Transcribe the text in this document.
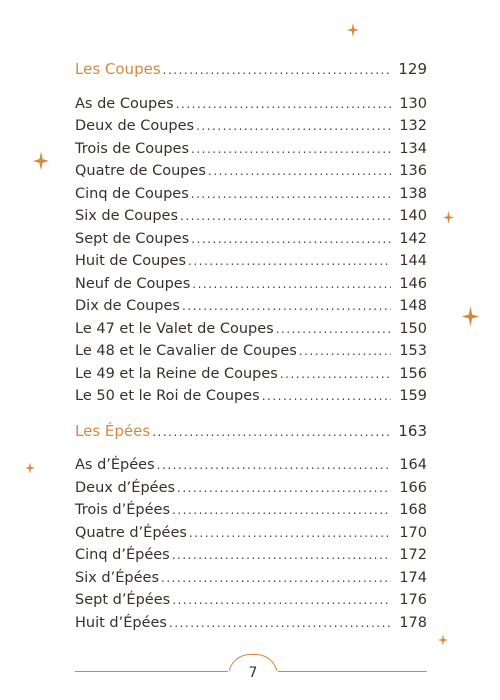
Les Coupes .....	129
As de Coupes .....	130
Deux de Coupes .....	132
Trois de Coupes .....	134
Quatre de Coupes .....	136
Cinq de Coupes .....	138
Six de Coupes .....	140
Sept de Coupes .....	142
Huit de Coupes .....	144
Neuf de Coupes .....	146
Dix de Coupes .....	148
Le 47 et le Valet de Coupes .....	150
Le 48 et le Cavalier de Coupes .....	153
Le 49 et la Reine de Coupes .....	156
Le 50 et le Roi de Coupes .....	159
Les Épées .....	163
As d’Épées .....	164
Deux d’Épées .....	166
Trois d’Épées .....	168
Quatre d’Épées .....	170
Cinq d’Épées .....	172
Six d’Épées .....	174
Sept d’Épées .....	176
Huit d’Épées .....	178
7
